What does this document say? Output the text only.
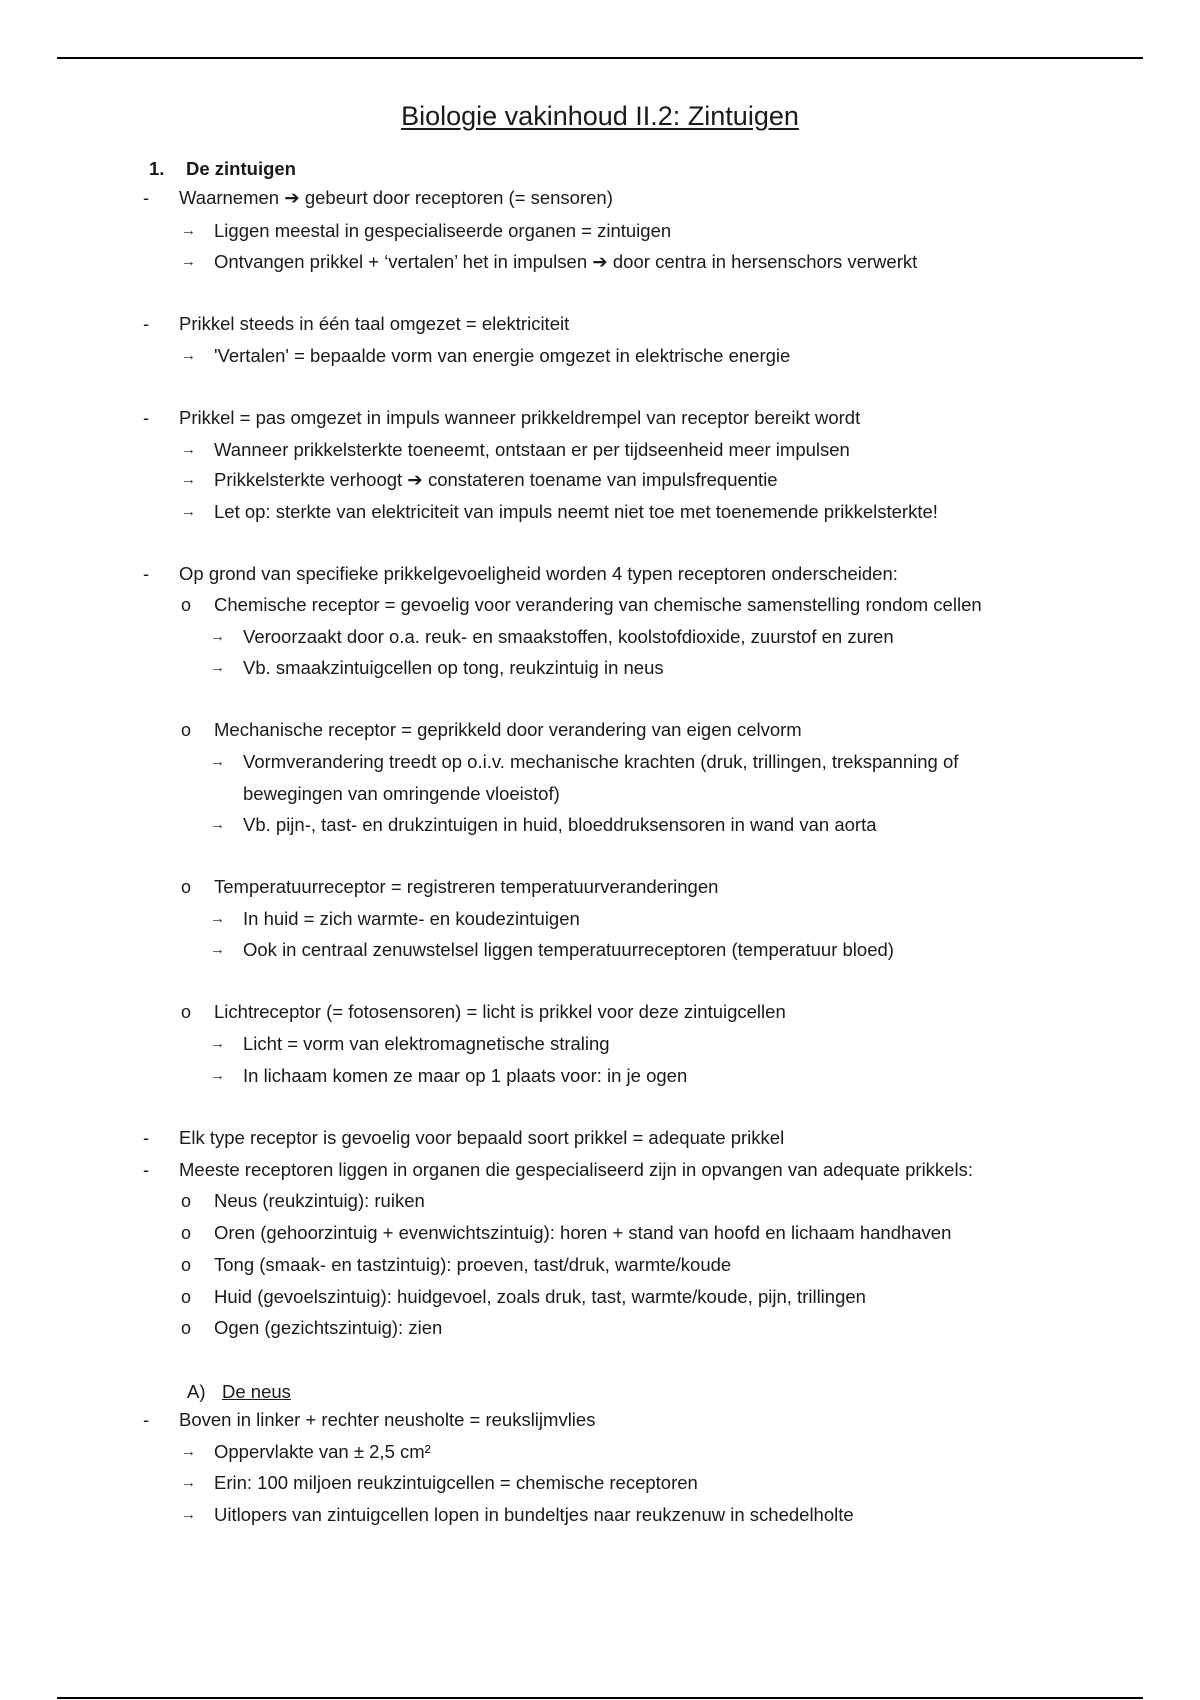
Biologie vakinhoud II.2: Zintuigen
1. De zintuigen
- Waarnemen ➔ gebeurt door receptoren (= sensoren)
→ Liggen meestal in gespecialiseerde organen = zintuigen
→ Ontvangen prikkel + ‘vertalen’ het in impulsen ➔ door centra in hersenschors verwerkt
- Prikkel steeds in één taal omgezet = elektriciteit
→ 'Vertalen' = bepaalde vorm van energie omgezet in elektrische energie
- Prikkel = pas omgezet in impuls wanneer prikkeldrempel van receptor bereikt wordt
→ Wanneer prikkelsterkte toeneemt, ontstaan er per tijdseenheid meer impulsen
→ Prikkelsterkte verhoogt ➔ constateren toename van impulsfrequentie
→ Let op: sterkte van elektriciteit van impuls neemt niet toe met toenemende prikkelsterkte!
- Op grond van specifieke prikkelgevoeligheid worden 4 typen receptoren onderscheiden:
o Chemische receptor = gevoelig voor verandering van chemische samenstelling rondom cellen
→ Veroorzaakt door o.a. reuk- en smaakstoffen, koolstofdioxide, zuurstof en zuren
→ Vb. smaakzintuigcellen op tong, reukzintuig in neus
o Mechanische receptor = geprikkeld door verandering van eigen celvorm
→ Vormverandering treedt op o.i.v. mechanische krachten (druk, trillingen, trekspanning of
bewegingen van omringende vloeistof)
→ Vb. pijn-, tast- en drukzintuigen in huid, bloeddruksensoren in wand van aorta
o Temperatuurreceptor = registreren temperatuurveranderingen
→ In huid = zich warmte- en koudezintuigen
→ Ook in centraal zenuwstelsel liggen temperatuurreceptoren (temperatuur bloed)
o Lichtreceptor (= fotosensoren) = licht is prikkel voor deze zintuigcellen
→ Licht = vorm van elektromagnetische straling
→ In lichaam komen ze maar op 1 plaats voor: in je ogen
- Elk type receptor is gevoelig voor bepaald soort prikkel = adequate prikkel
- Meeste receptoren liggen in organen die gespecialiseerd zijn in opvangen van adequate prikkels:
o Neus (reukzintuig): ruiken
o Oren (gehoorzintuig + evenwichtszintuig): horen + stand van hoofd en lichaam handhaven
o Tong (smaak- en tastzintuig): proeven, tast/druk, warmte/koude
o Huid (gevoelszintuig): huidgevoel, zoals druk, tast, warmte/koude, pijn, trillingen
o Ogen (gezichtszintuig): zien
A) De neus
- Boven in linker + rechter neusholte = reukslijmvlies
→ Oppervlakte van ± 2,5 cm²
→ Erin: 100 miljoen reukzintuigcellen = chemische receptoren
→ Uitlopers van zintuigcellen lopen in bundeltjes naar reukzenuw in schedelholte
